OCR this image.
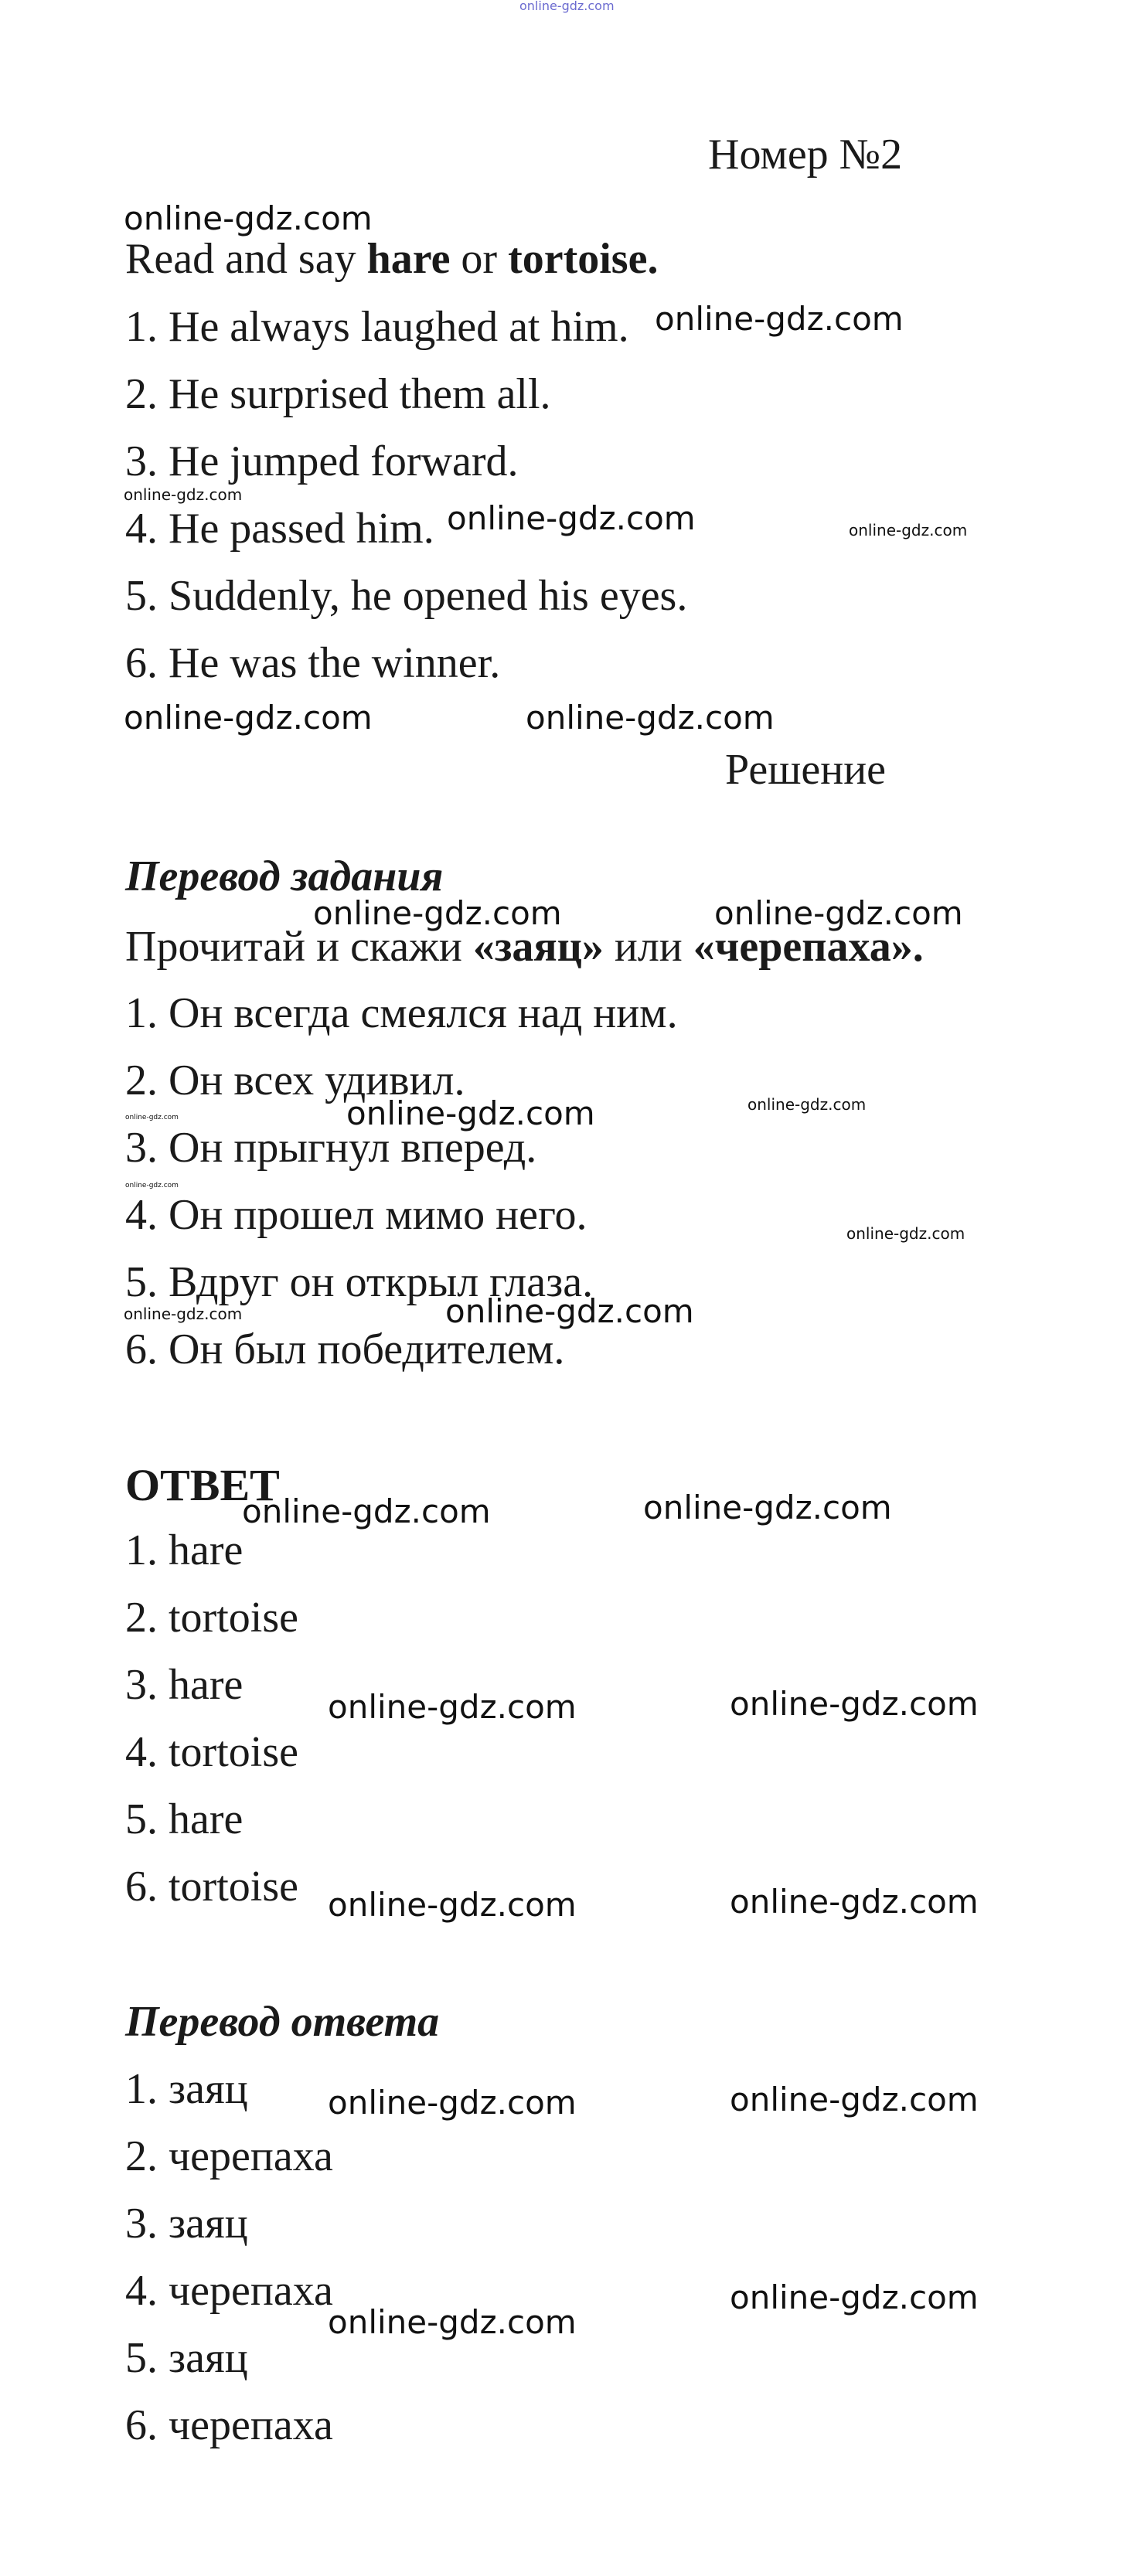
online-gdz.com
Номер №2
Read and say hare or tortoise.
1. He always laughed at him.
2. He surprised them all.
3. He jumped forward.
4. He passed him.
5. Suddenly, he opened his eyes.
6. He was the winner.
Решение
Перевод задания
Прочитай и скажи «заяц» или «черепаха».
1. Он всегда смеялся над ним.
2. Он всех удивил.
3. Он прыгнул вперед.
4. Он прошел мимо него.
5. Вдруг он открыл глаза.
6. Он был победителем.
ОТВЕТ
1. hare
2. tortoise
3. hare
4. tortoise
5. hare
6. tortoise
Перевод ответа
1. заяц
2. черепаха
3. заяц
4. черепаха
5. заяц
6. черепаха
online-gdz.com
online-gdz.com
online-gdz.com
online-gdz.com	online-gdz.com
online-gdz.com	online-gdz.com
online-gdz.com	online-gdz.com
online-gdz.com	online-gdz.com	online-gdz.com
online-gdz.com
online-gdz.com
online-gdz.com	online-gdz.com
online-gdz.com	online-gdz.com
online-gdz.com	online-gdz.com
online-gdz.com	online-gdz.com
online-gdz.com	online-gdz.com
online-gdz.com
online-gdz.com
